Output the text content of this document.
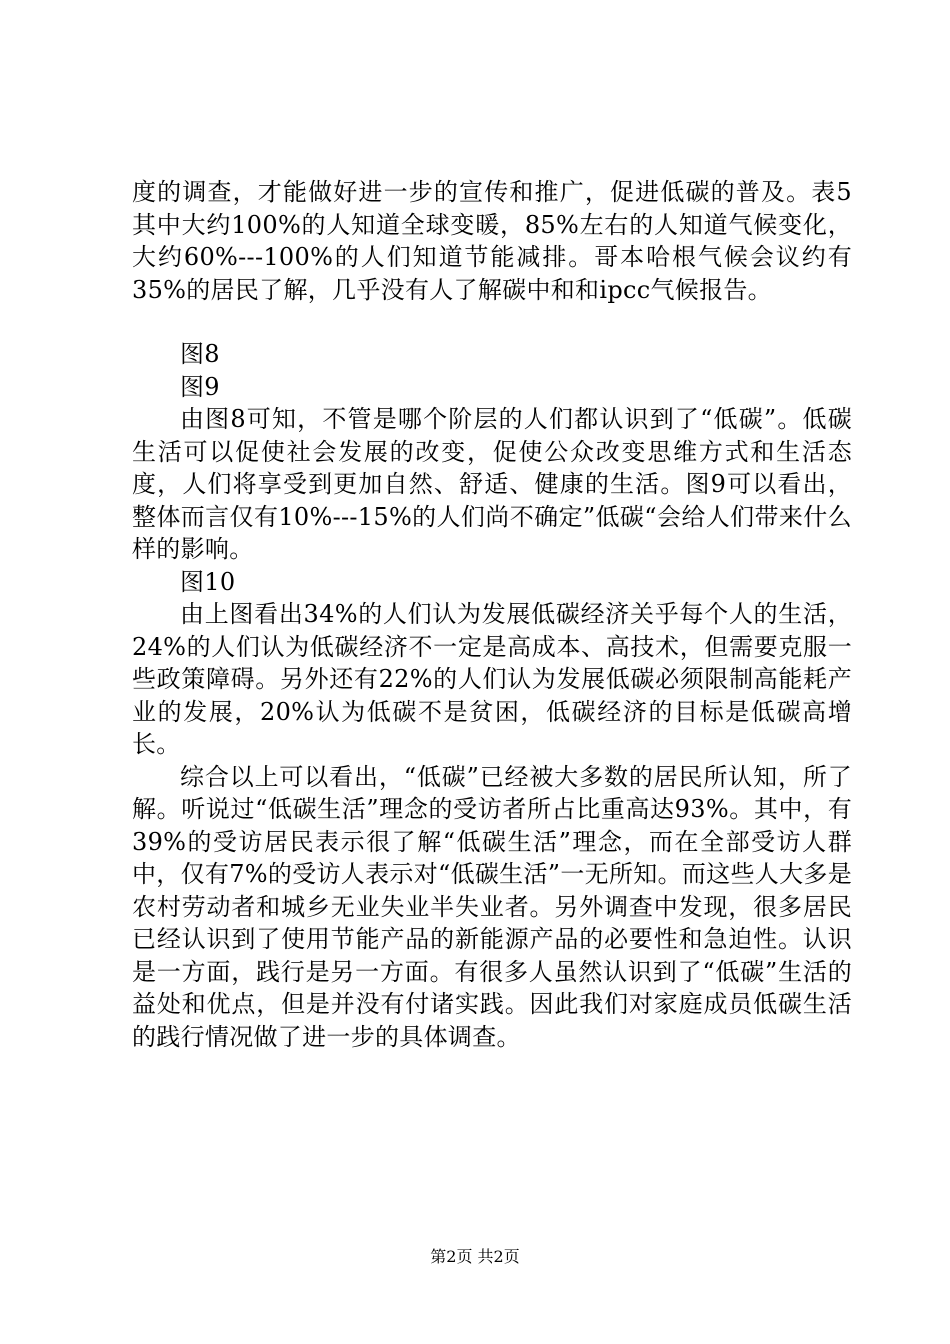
度的调查，才能做好进一步的宣传和推广，促进低碳的普及。表5其中大约100%的人知道全球变暖，85%左右的人知道气候变化，大约60%---100%的人们知道节能减排。哥本哈根气候会议约有35%的居民了解，几乎没有人了解碳中和和ipcc气候报告。

图8

图9

由图8可知，不管是哪个阶层的人们都认识到了“低碳”。低碳生活可以促使社会发展的改变，促使公众改变思维方式和生活态度，人们将享受到更加自然、舒适、健康的生活。图9可以看出，整体而言仅有10%---15%的人们尚不确定”低碳“会给人们带来什么样的影响。

图10

由上图看出34%的人们认为发展低碳经济关乎每个人的生活，24%的人们认为低碳经济不一定是高成本、高技术，但需要克服一些政策障碍。另外还有22%的人们认为发展低碳必须限制高能耗产业的发展，20%认为低碳不是贫困，低碳经济的目标是低碳高增长。

综合以上可以看出，“低碳”已经被大多数的居民所认知，所了解。听说过“低碳生活”理念的受访者所占比重高达93%。其中，有39%的受访居民表示很了解“低碳生活”理念，而在全部受访人群中，仅有7%的受访人表示对“低碳生活”一无所知。而这些人大多是农村劳动者和城乡无业失业半失业者。另外调查中发现，很多居民已经认识到了使用节能产品的新能源产品的必要性和急迫性。认识是一方面，践行是另一方面。有很多人虽然认识到了“低碳”生活的益处和优点，但是并没有付诸实践。因此我们对家庭成员低碳生活的践行情况做了进一步的具体调查。

第2页 共2页
